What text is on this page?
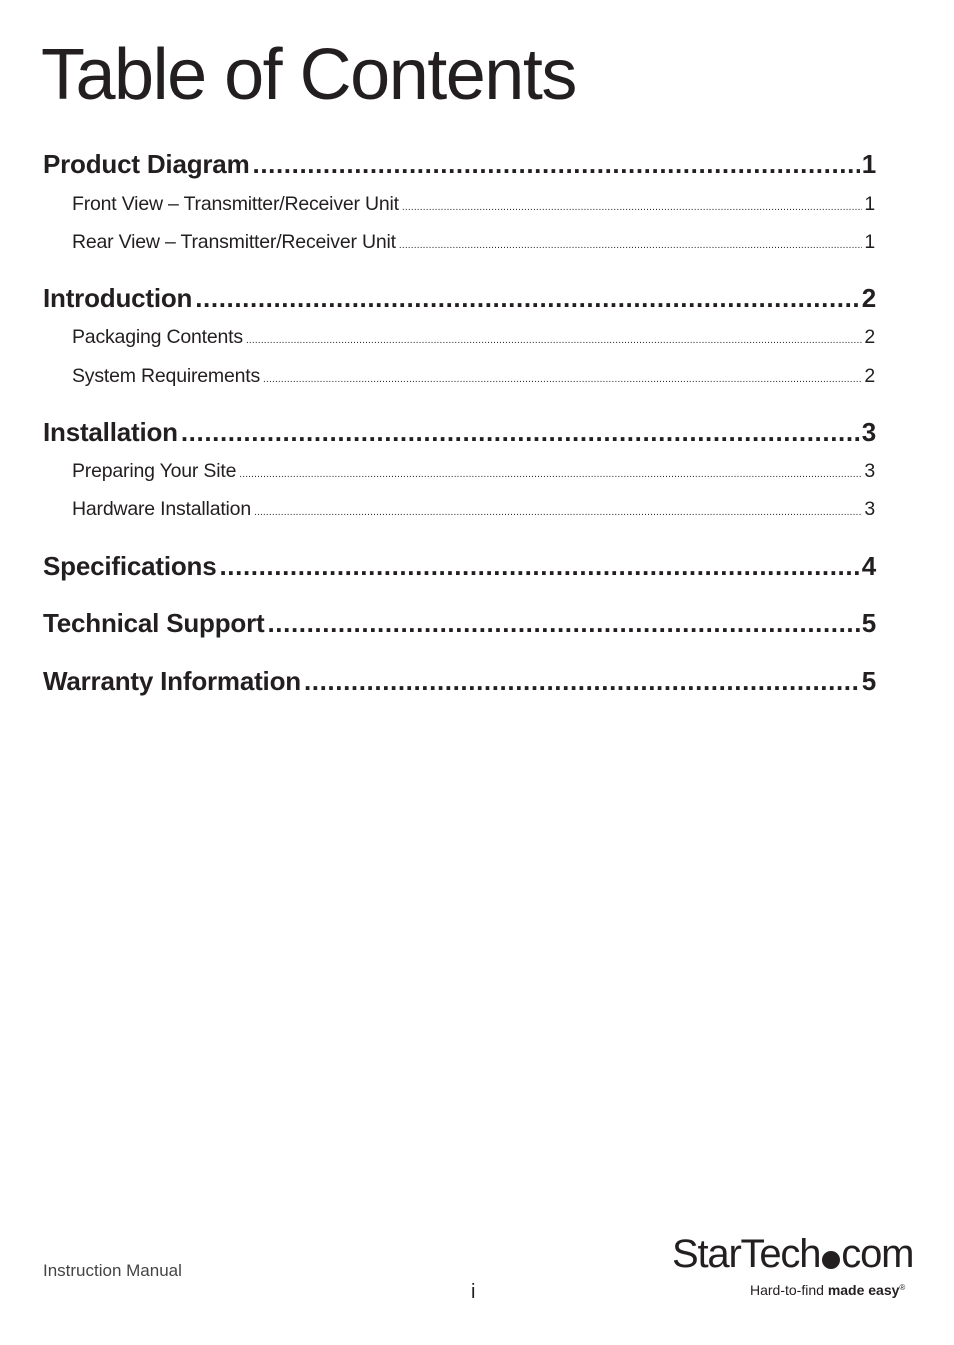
Table of Contents
Product Diagram .....	1
Front View – Transmitter/Receiver Unit .....	1
Rear View – Transmitter/Receiver Unit .....	1
Introduction .....	2
Packaging Contents .....	2
System Requirements .....	2
Installation .....	3
Preparing Your Site .....	3
Hardware Installation .....	3
Specifications .....	4
Technical Support .....	5
Warranty Information .....	5
Instruction Manual
i
StarTech com
Hard-to-find made easy®
